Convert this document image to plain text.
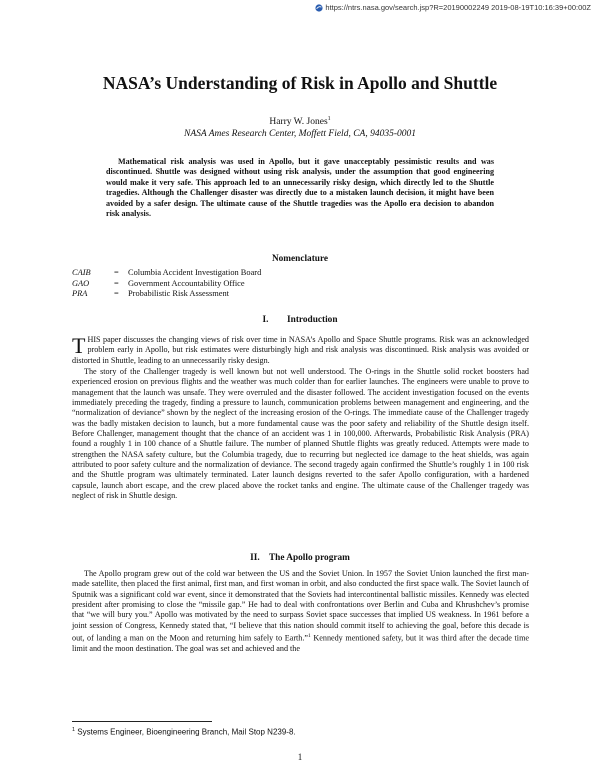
https://ntrs.nasa.gov/search.jsp?R=20190002249 2019-08-19T10:16:39+00:00Z
NASA’s Understanding of Risk in Apollo and Shuttle
Harry W. Jones$^1$
NASA Ames Research Center, Moffett Field, CA, 94035-0001

Mathematical risk analysis was used in Apollo, but it gave unacceptably pessimistic results and was discontinued. Shuttle was designed without using risk analysis, under the assumption that good engineering would make it very safe. This approach led to an unnecessarily risky design, which directly led to the Shuttle tragedies. Although the Challenger disaster was directly due to a mistaken launch decision, it might have been avoided by a safer design. The ultimate cause of the Shuttle tragedies was the Apollo era decision to abandon risk analysis.

Nomenclature
CAIB	=	Columbia Accident Investigation Board
GAO	=	Government Accountability Office
PRA	=	Probabilistic Risk Assessment
I.  Introduction

THIS paper discusses the changing views of risk over time in NASA’s Apollo and Space Shuttle programs. Risk was an acknowledged problem early in Apollo, but risk estimates were disturbingly high and risk analysis was discontinued. Risk analysis was avoided or distorted in Shuttle, leading to an unnecessarily risky design.

The story of the Challenger tragedy is well known but not well understood. The O-rings in the Shuttle solid rocket boosters had experienced erosion on previous flights and the weather was much colder than for earlier launches. The engineers were unable to prove to management that the launch was unsafe. They were overruled and the disaster followed. The accident investigation focused on the events immediately preceding the tragedy, finding a pressure to launch, communication problems between management and engineering, and the “normalization of deviance” shown by the neglect of the increasing erosion of the O-rings. The immediate cause of the Challenger tragedy was the badly mistaken decision to launch, but a more fundamental cause was the poor safety and reliability of the Shuttle design itself. Before Challenger, management thought that the chance of an accident was 1 in 100,000. Afterwards, Probabilistic Risk Analysis (PRA) found a roughly 1 in 100 chance of a Shuttle failure. The number of planned Shuttle flights was greatly reduced. Attempts were made to strengthen the NASA safety culture, but the Columbia tragedy, due to recurring but neglected ice damage to the heat shields, was again attributed to poor safety culture and the normalization of deviance. The second tragedy again confirmed the Shuttle’s roughly 1 in 100 risk and the Shuttle program was ultimately terminated. Later launch designs reverted to the safer Apollo configuration, with a hardened capsule, launch abort escape, and the crew placed above the rocket tanks and engine. The ultimate cause of the Challenger tragedy was neglect of risk in Shuttle design.

II. The Apollo program

The Apollo program grew out of the cold war between the US and the Soviet Union. In 1957 the Soviet Union launched the first man-made satellite, then placed the first animal, first man, and first woman in orbit, and also conducted the first space walk. The Soviet launch of Sputnik was a significant cold war event, since it demonstrated that the Soviets had intercontinental ballistic missiles. Kennedy was elected president after promising to close the “missile gap.” He had to deal with confrontations over Berlin and Cuba and Khrushchev’s promise that “we will bury you.” Apollo was motivated by the need to surpass Soviet space successes that implied US weakness. In 1961 before a joint session of Congress, Kennedy stated that, “I believe that this nation should commit itself to achieving the goal, before this decade is out, of landing a man on the Moon and returning him safely to Earth.”$^1$ Kennedy mentioned safety, but it was third after the decade time limit and the moon destination. The goal was set and achieved and the

$^1$ Systems Engineer, Bioengineering Branch, Mail Stop N239-8.
1
